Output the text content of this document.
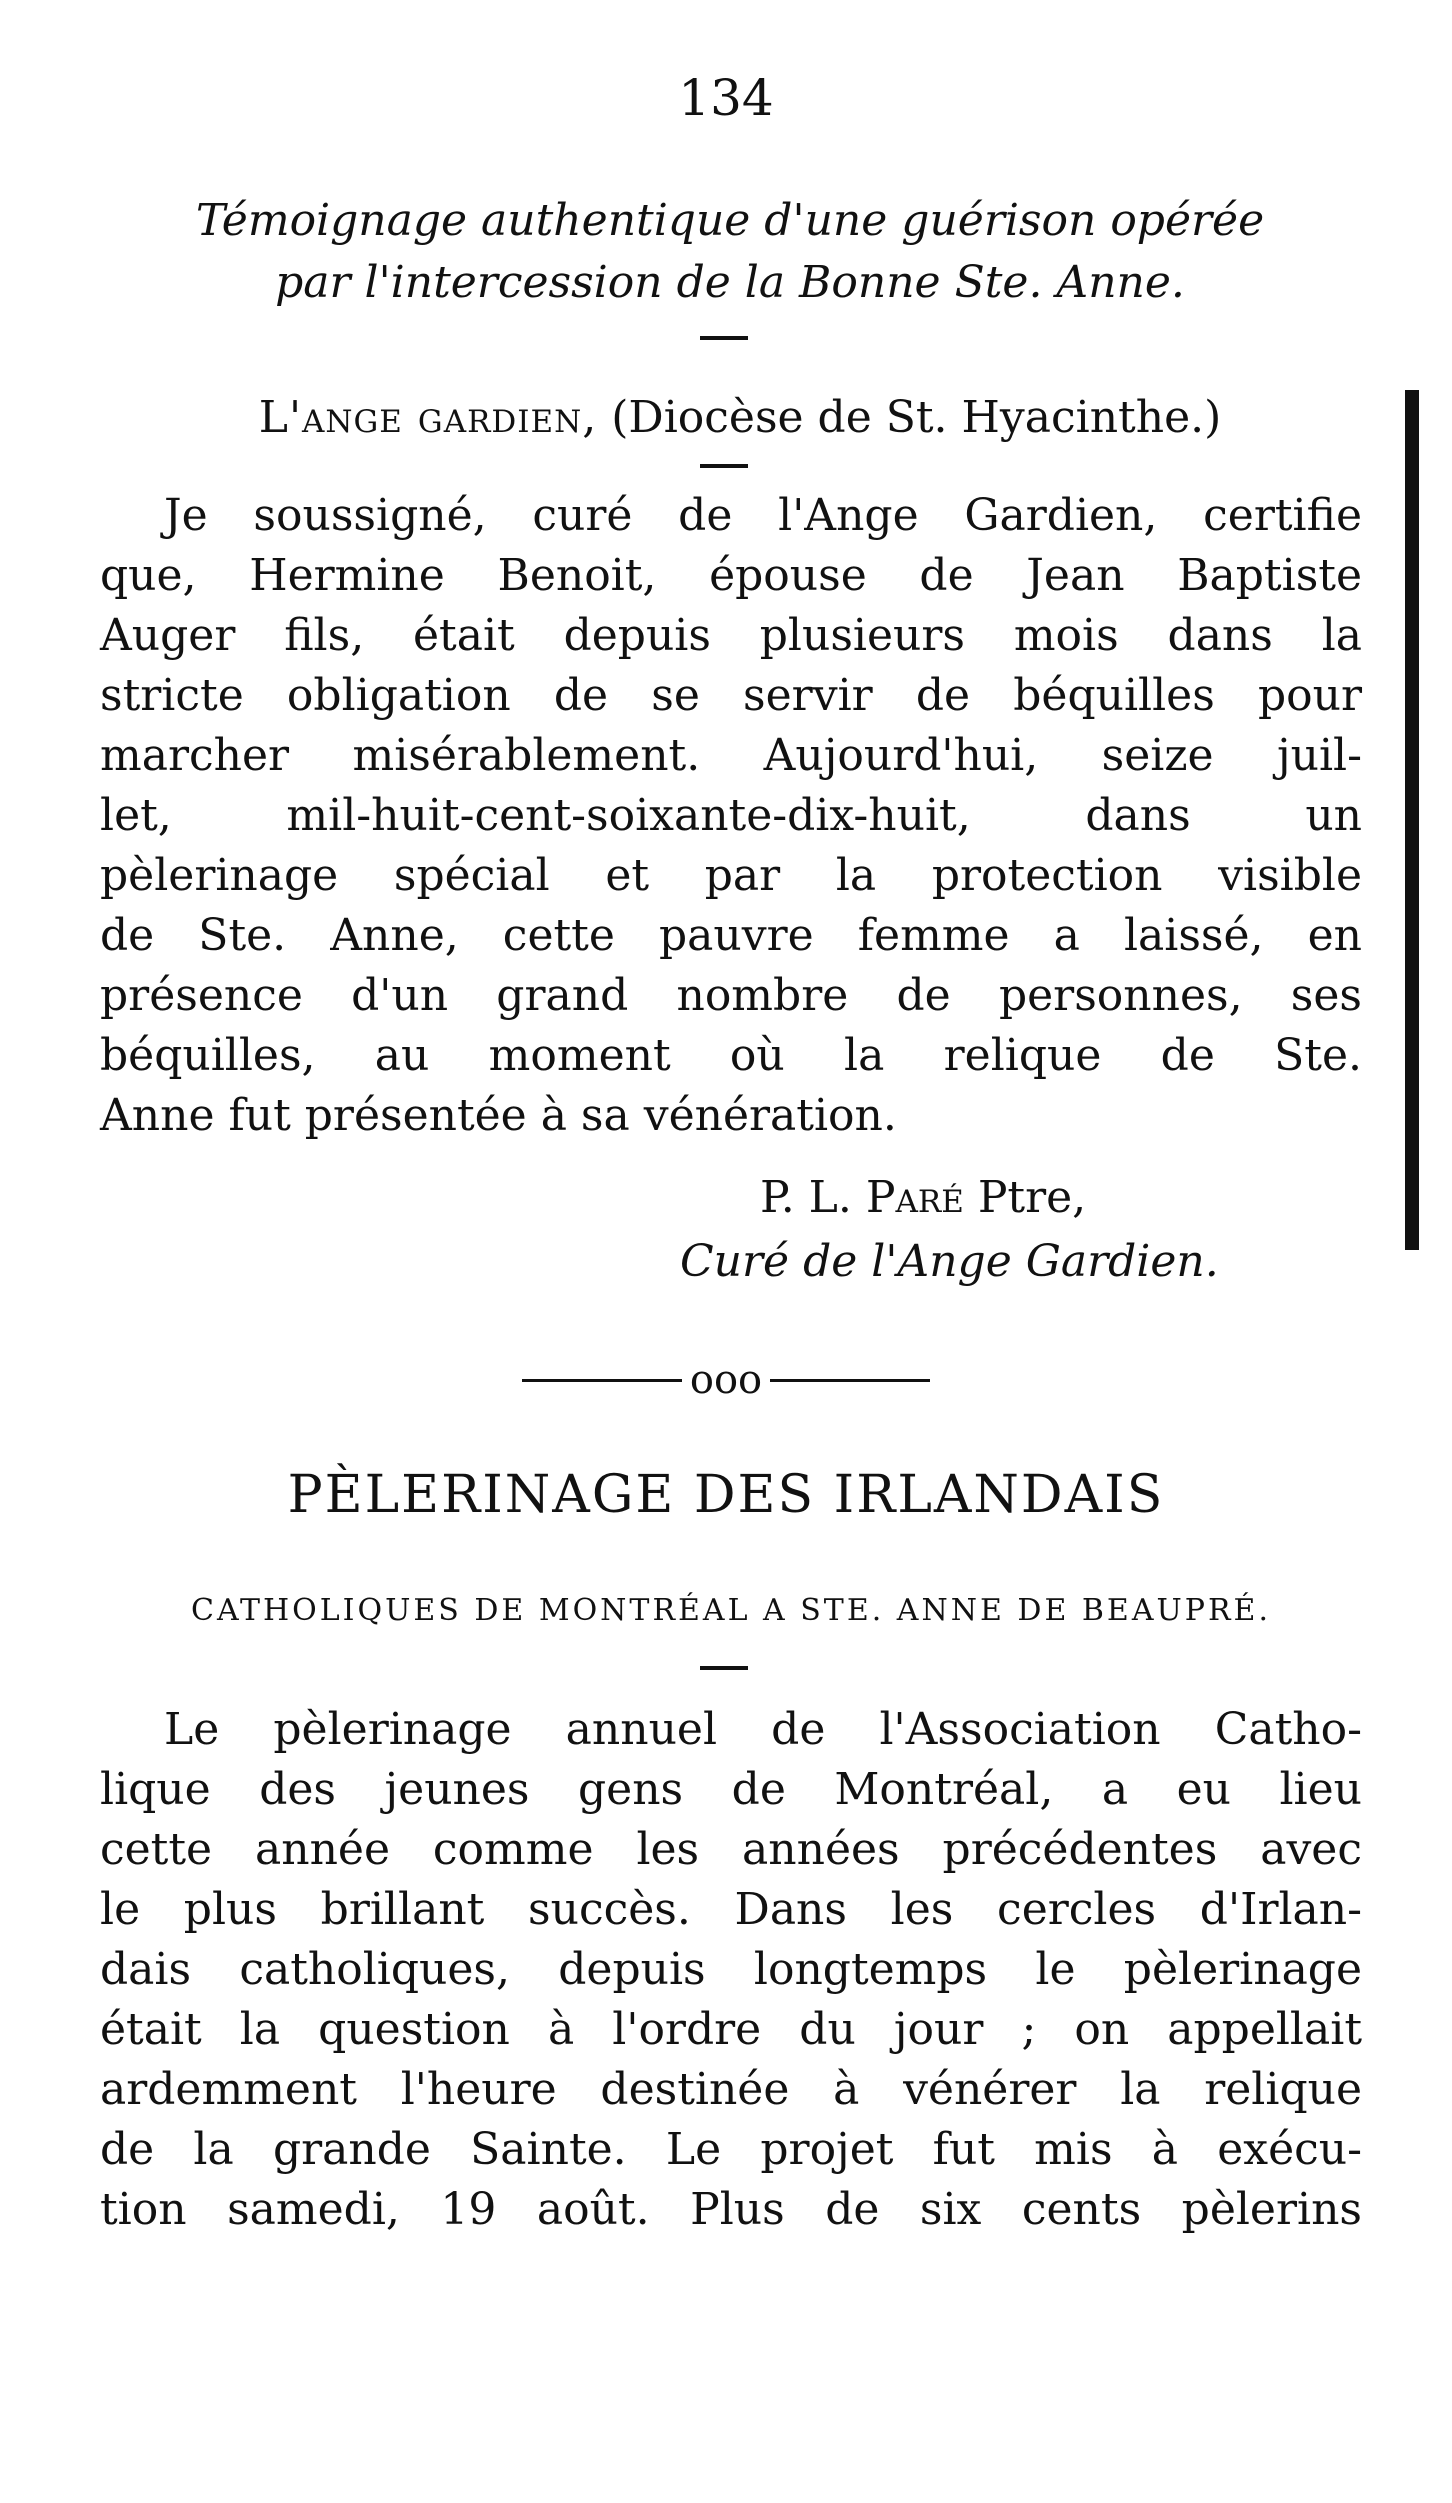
134
Témoignage authentique d'une guérison opérée
par l'intercession de la Bonne Ste. Anne.
L'ange gardien, (Diocèse de St. Hyacinthe.)
Je soussigné, curé de l'Ange Gardien, certifie
que, Hermine Benoit, épouse de Jean Baptiste
Auger fils, était depuis plusieurs mois dans la
stricte obligation de se servir de béquilles pour
marcher misérablement. Aujourd'hui, seize juil-
let, mil-huit-cent-soixante-dix-huit, dans un
pèlerinage spécial et par la protection visible
de Ste. Anne, cette pauvre femme a laissé, en
présence d'un grand nombre de personnes, ses
béquilles, au moment où la relique de Ste.
Anne fut présentée à sa vénération.
P. L. Paré Ptre,
Curé de l'Ange Gardien.
ooo
PÈLERINAGE DES IRLANDAIS
CATHOLIQUES DE MONTRÉAL A STE. ANNE DE BEAUPRÉ.
Le pèlerinage annuel de l'Association Catho-
lique des jeunes gens de Montréal, a eu lieu
cette année comme les années précédentes avec
le plus brillant succès. Dans les cercles d'Irlan-
dais catholiques, depuis longtemps le pèlerinage
était la question à l'ordre du jour ; on appellait
ardemment l'heure destinée à vénérer la relique
de la grande Sainte. Le projet fut mis à exécu-
tion samedi, 19 août. Plus de six cents pèlerins
